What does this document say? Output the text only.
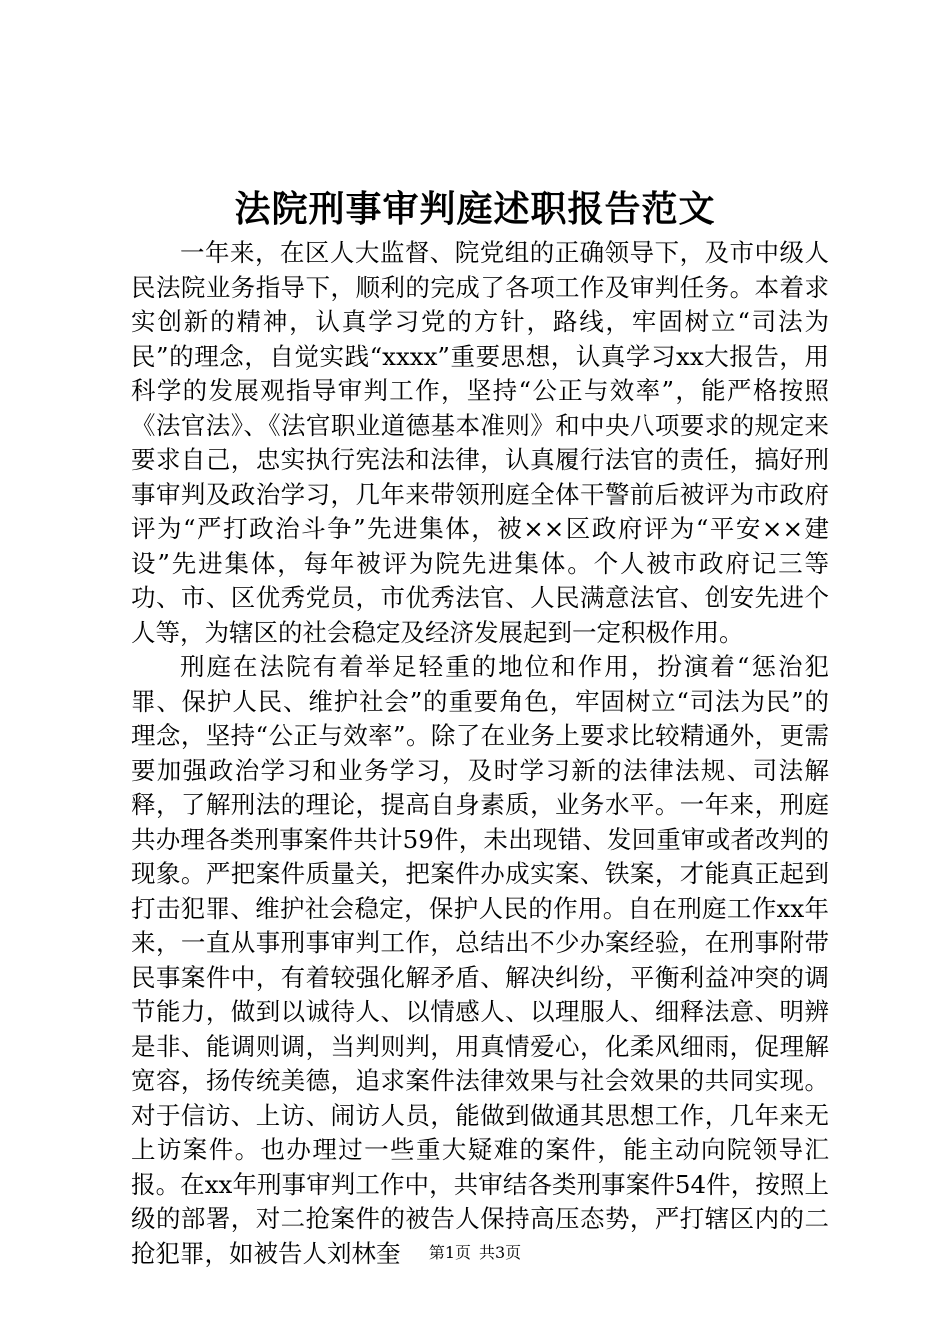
法院刑事审判庭述职报告范文

一年来，在区人大监督、院党组的正确领导下，及市中级人民法院业务指导下，顺利的完成了各项工作及审判任务。本着求实创新的精神，认真学习党的方针，路线，牢固树立“司法为民”的理念，自觉实践“xxxx”重要思想，认真学习xx大报告，用科学的发展观指导审判工作，坚持“公正与效率”，能严格按照《法官法》、《法官职业道德基本准则》和中央八项要求的规定来要求自己，忠实执行宪法和法律，认真履行法官的责任，搞好刑事审判及政治学习，几年来带领刑庭全体干警前后被评为市政府评为“严打政治斗争”先进集体，被××区政府评为“平安××建设”先进集体，每年被评为院先进集体。个人被市政府记三等功、市、区优秀党员，市优秀法官、人民满意法官、创安先进个人等，为辖区的社会稳定及经济发展起到一定积极作用。

刑庭在法院有着举足轻重的地位和作用，扮演着“惩治犯罪、保护人民、维护社会”的重要角色，牢固树立“司法为民”的理念，坚持“公正与效率”。除了在业务上要求比较精通外，更需要加强政治学习和业务学习，及时学习新的法律法规、司法解释，了解刑法的理论，提高自身素质，业务水平。一年来，刑庭共办理各类刑事案件共计59件，未出现错、发回重审或者改判的现象。严把案件质量关，把案件办成实案、铁案，才能真正起到打击犯罪、维护社会稳定，保护人民的作用。自在刑庭工作xx年来，一直从事刑事审判工作，总结出不少办案经验，在刑事附带民事案件中，有着较强化解矛盾、解决纠纷，平衡利益冲突的调节能力，做到以诚待人、以情感人、以理服人、细释法意、明辨是非、能调则调，当判则判，用真情爱心，化柔风细雨，促理解宽容，扬传统美德，追求案件法律效果与社会效果的共同实现。对于信访、上访、闹访人员，能做到做通其思想工作，几年来无上访案件。也办理过一些重大疑难的案件，能主动向院领导汇报。在xx年刑事审判工作中，共审结各类刑事案件54件，按照上级的部署，对二抢案件的被告人保持高压态势，严打辖区内的二抢犯罪，如被告人刘林奎	第1页 共3页
